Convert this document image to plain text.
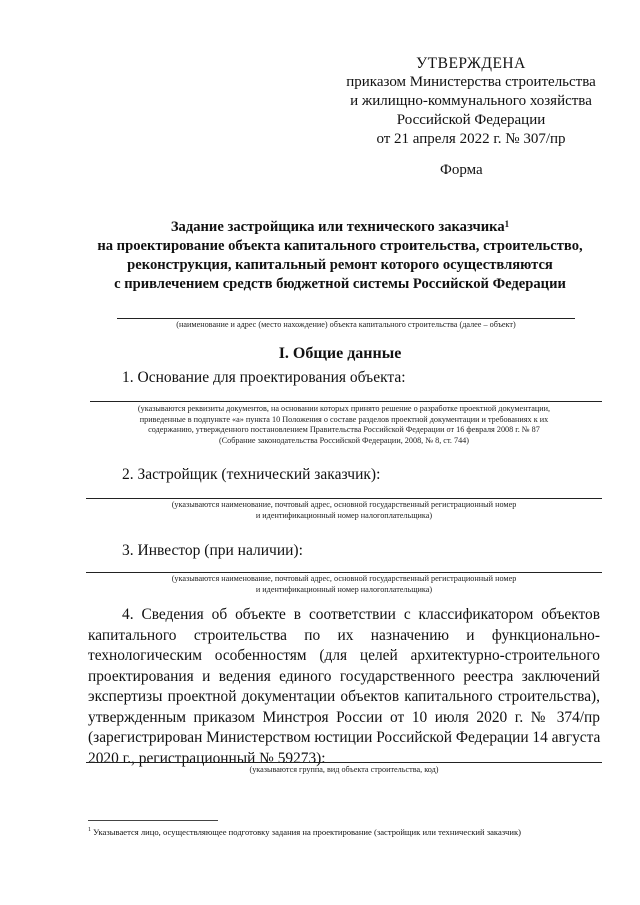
УТВЕРЖДЕНА
приказом Министерства строительства
и жилищно-коммунального хозяйства
Российской Федерации
от 21 апреля 2022 г. № 307/пр
Форма
Задание застройщика или технического заказчика$^1$
на проектирование объекта капитального строительства, строительство,
реконструкция, капитальный ремонт которого осуществляются
с привлечением средств бюджетной системы Российской Федерации
(наименование и адрес (место нахождение) объекта капитального строительства (далее – объект)
I. Общие данные
1. Основание для проектирования объекта:
(указываются реквизиты документов, на основании которых принято решение о разработке проектной документации,
приведенные в подпункте «а» пункта 10 Положения о составе разделов проектной документации и требованиях к их
содержанию, утвержденного постановлением Правительства Российской Федерации от 16 февраля 2008 г. № 87
(Собрание законодательства Российской Федерации, 2008, № 8, ст. 744)
2. Застройщик (технический заказчик):
(указываются наименование, почтовый адрес, основной государственный регистрационный номер
и идентификационный номер налогоплательщика)
3. Инвестор (при наличии):
(указываются наименование, почтовый адрес, основной государственный регистрационный номер
и идентификационный номер налогоплательщика)
4. Сведения об объекте в соответствии с классификатором объектов
капитального строительства по их назначению и функционально-
технологическим особенностям (для целей архитектурно-строительного
проектирования и ведения единого государственного реестра заключений
экспертизы проектной документации объектов капитального строительства),
утвержденным приказом Минстроя России от 10 июля 2020 г. № 374/пр
(зарегистрирован Министерством юстиции Российской Федерации 14 августа
2020 г., регистрационный № 59273):
(указываются группа, вид объекта строительства, код)
$^1$ Указывается лицо, осуществляющее подготовку задания на проектирование (застройщик или технический заказчик)
